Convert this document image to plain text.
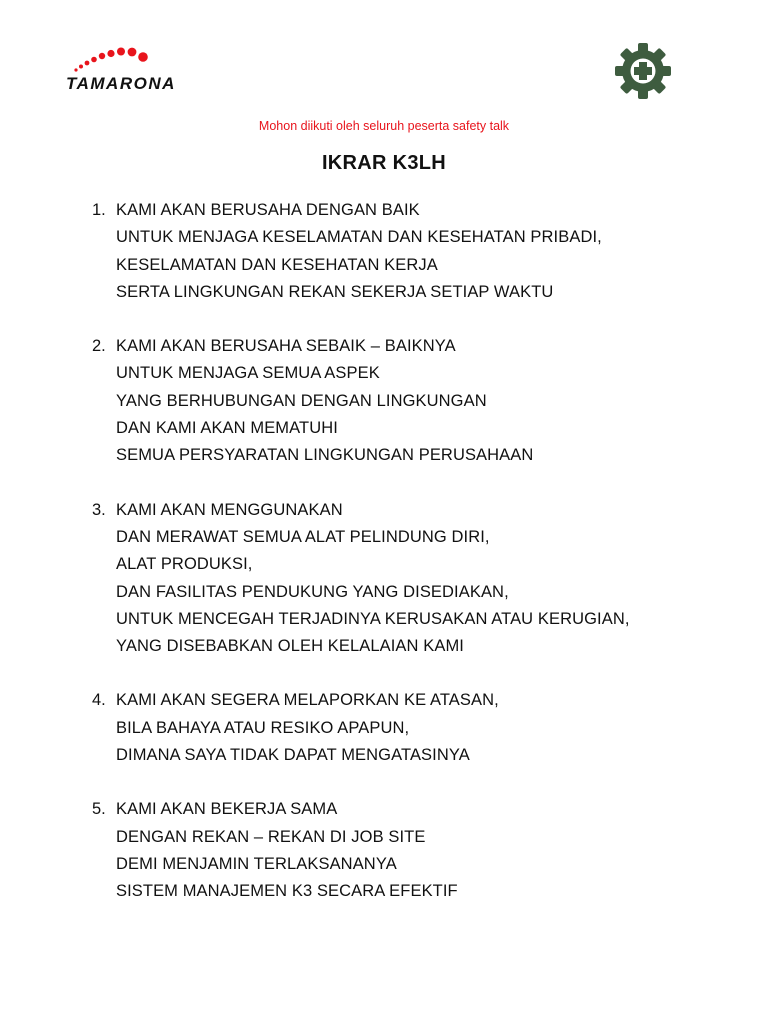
TAMARONA
Mohon diikuti oleh seluruh peserta safety talk
IKRAR K3LH
1. KAMI AKAN BERUSAHA DENGAN BAIK
UNTUK MENJAGA KESELAMATAN DAN KESEHATAN PRIBADI,
KESELAMATAN DAN KESEHATAN KERJA
SERTA LINGKUNGAN REKAN SEKERJA SETIAP WAKTU
2. KAMI AKAN BERUSAHA SEBAIK – BAIKNYA
UNTUK MENJAGA SEMUA ASPEK
YANG BERHUBUNGAN DENGAN LINGKUNGAN
DAN KAMI AKAN MEMATUHI
SEMUA PERSYARATAN LINGKUNGAN PERUSAHAAN
3. KAMI AKAN MENGGUNAKAN
DAN MERAWAT SEMUA ALAT PELINDUNG DIRI,
ALAT PRODUKSI,
DAN FASILITAS PENDUKUNG YANG DISEDIAKAN,
UNTUK MENCEGAH TERJADINYA KERUSAKAN ATAU KERUGIAN,
YANG DISEBABKAN OLEH KELALAIAN KAMI
4. KAMI AKAN SEGERA MELAPORKAN KE ATASAN,
BILA BAHAYA ATAU RESIKO APAPUN,
DIMANA SAYA TIDAK DAPAT MENGATASINYA
5. KAMI AKAN BEKERJA SAMA
DENGAN REKAN – REKAN DI JOB SITE
DEMI MENJAMIN TERLAKSANANYA
SISTEM MANAJEMEN K3 SECARA EFEKTIF
